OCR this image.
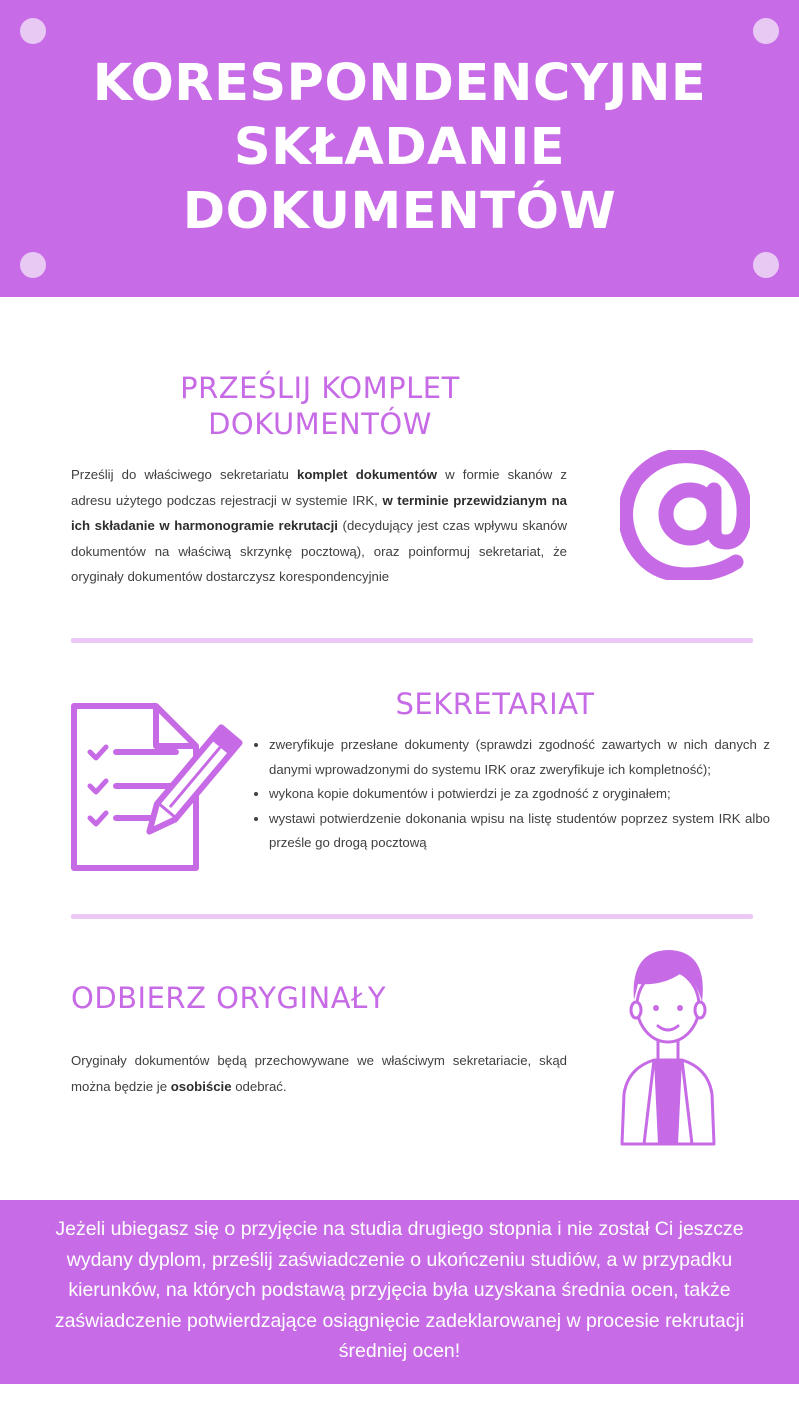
KORESPONDENCYJNE
SKŁADANIE
DOKUMENTÓW
PRZEŚLIJ KOMPLET
DOKUMENTÓW
Prześlij do właściwego sekretariatu komplet dokumentów w formie skanów z adresu użytego podczas rejestracji w systemie IRK, w terminie przewidzianym na ich składanie w harmonogramie rekrutacji (decydujący jest czas wpływu skanów dokumentów na właściwą skrzynkę pocztową), oraz poinformuj sekretariat, że oryginały dokumentów dostarczysz korespondencyjnie
SEKRETARIAT
• zweryfikuje przesłane dokumenty (sprawdzi zgodność zawartych w nich danych z danymi wprowadzonymi do systemu IRK oraz zweryfikuje ich kompletność);
• wykona kopie dokumentów i potwierdzi je za zgodność z oryginałem;
• wystawi potwierdzenie dokonania wpisu na listę studentów poprzez system IRK albo prześle go drogą pocztową
ODBIERZ ORYGINAŁY
Oryginały dokumentów będą przechowywane we właściwym sekretariacie, skąd można będzie je osobiście odebrać.
Jeżeli ubiegasz się o przyjęcie na studia drugiego stopnia i nie został Ci jeszcze wydany dyplom, prześlij zaświadczenie o ukończeniu studiów, a w przypadku kierunków, na których podstawą przyjęcia była uzyskana średnia ocen, także zaświadczenie potwierdzające osiągnięcie zadeklarowanej w procesie rekrutacji średniej ocen!
